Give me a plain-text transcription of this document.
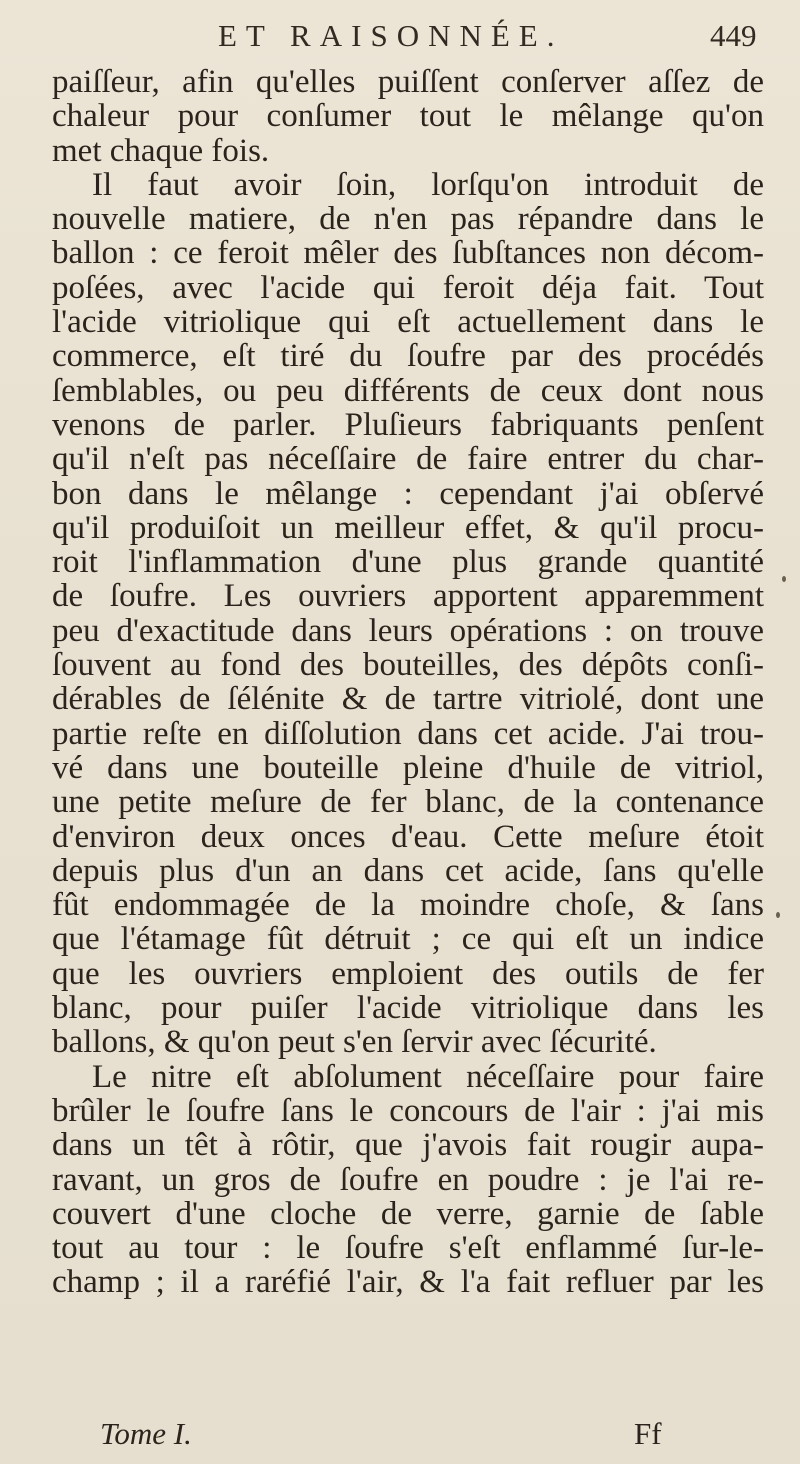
ET RAISONNÉE.	449
paiſſeur, afin qu'elles puiſſent conſerver aſſez de
chaleur pour conſumer tout le mêlange qu'on
met chaque fois.
Il faut avoir ſoin, lorſqu'on introduit de
nouvelle matiere, de n'en pas répandre dans le
ballon : ce feroit mêler des ſubſtances non décom-
poſées, avec l'acide qui feroit déja fait. Tout
l'acide vitriolique qui eſt actuellement dans le
commerce, eſt tiré du ſoufre par des procédés
ſemblables, ou peu différents de ceux dont nous
venons de parler. Pluſieurs fabriquants penſent
qu'il n'eſt pas néceſſaire de faire entrer du char-
bon dans le mêlange : cependant j'ai obſervé
qu'il produiſoit un meilleur effet, & qu'il procu-
roit l'inflammation d'une plus grande quantité
de ſoufre. Les ouvriers apportent apparemment
peu d'exactitude dans leurs opérations : on trouve
ſouvent au fond des bouteilles, des dépôts conſi-
dérables de ſélénite & de tartre vitriolé, dont une
partie reſte en diſſolution dans cet acide. J'ai trou-
vé dans une bouteille pleine d'huile de vitriol,
une petite meſure de fer blanc, de la contenance
d'environ deux onces d'eau. Cette meſure étoit
depuis plus d'un an dans cet acide, ſans qu'elle
fût endommagée de la moindre choſe, & ſans
que l'étamage fût détruit ; ce qui eſt un indice
que les ouvriers emploient des outils de fer
blanc, pour puiſer l'acide vitriolique dans les
ballons, & qu'on peut s'en ſervir avec ſécurité.
Le nitre eſt abſolument néceſſaire pour faire
brûler le ſoufre ſans le concours de l'air : j'ai mis
dans un têt à rôtir, que j'avois fait rougir aupa-
ravant, un gros de ſoufre en poudre : je l'ai re-
couvert d'une cloche de verre, garnie de ſable
tout au tour : le ſoufre s'eſt enflammé ſur-le-
champ ; il a raréfié l'air, & l'a fait refluer par les
Tome I.	Ff
